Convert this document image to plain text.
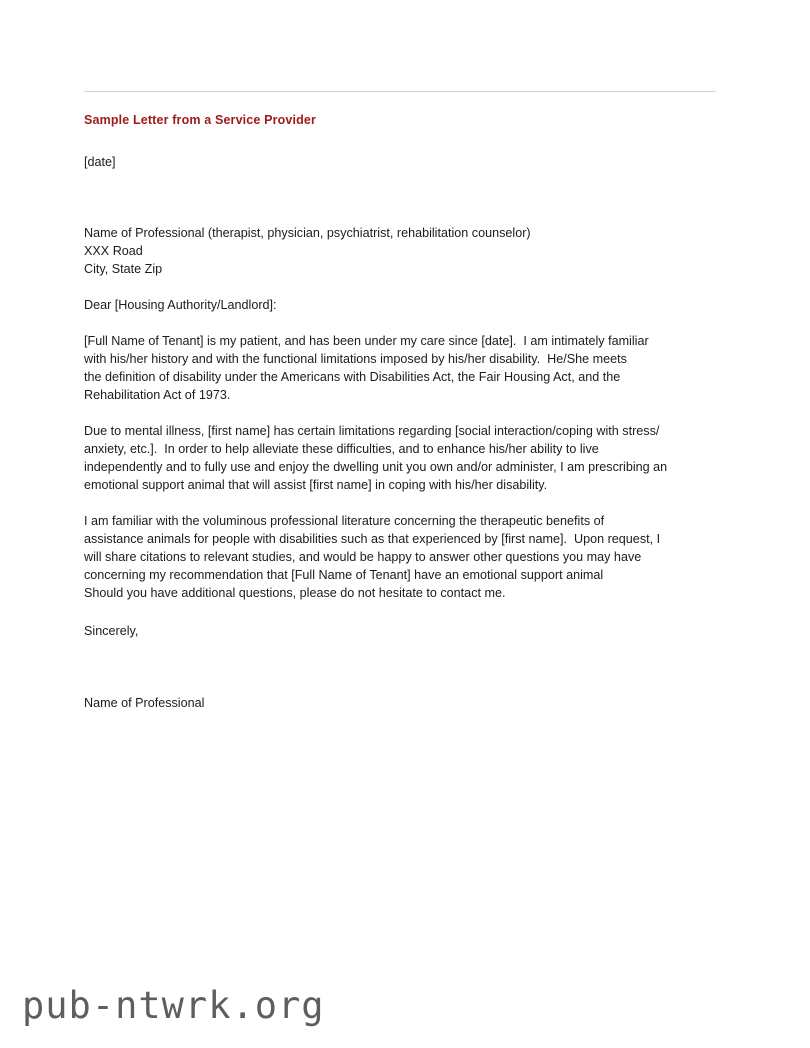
Sample Letter from a Service Provider
[date]
Name of Professional (therapist, physician, psychiatrist, rehabilitation counselor)
XXX Road
City, State Zip
Dear [Housing Authority/Landlord]:
[Full Name of Tenant] is my patient, and has been under my care since [date].  I am intimately familiar
with his/her history and with the functional limitations imposed by his/her disability.  He/She meets
the definition of disability under the Americans with Disabilities Act, the Fair Housing Act, and the
Rehabilitation Act of 1973.
Due to mental illness, [first name] has certain limitations regarding [social interaction/coping with stress/
anxiety, etc.].  In order to help alleviate these difficulties, and to enhance his/her ability to live
independently and to fully use and enjoy the dwelling unit you own and/or administer, I am prescribing an
emotional support animal that will assist [first name] in coping with his/her disability.
I am familiar with the voluminous professional literature concerning the therapeutic benefits of
assistance animals for people with disabilities such as that experienced by [first name].  Upon request, I
will share citations to relevant studies, and would be happy to answer other questions you may have
concerning my recommendation that [Full Name of Tenant] have an emotional support animal
Should you have additional questions, please do not hesitate to contact me.
Sincerely,
Name of Professional
pub-ntwrk.org
